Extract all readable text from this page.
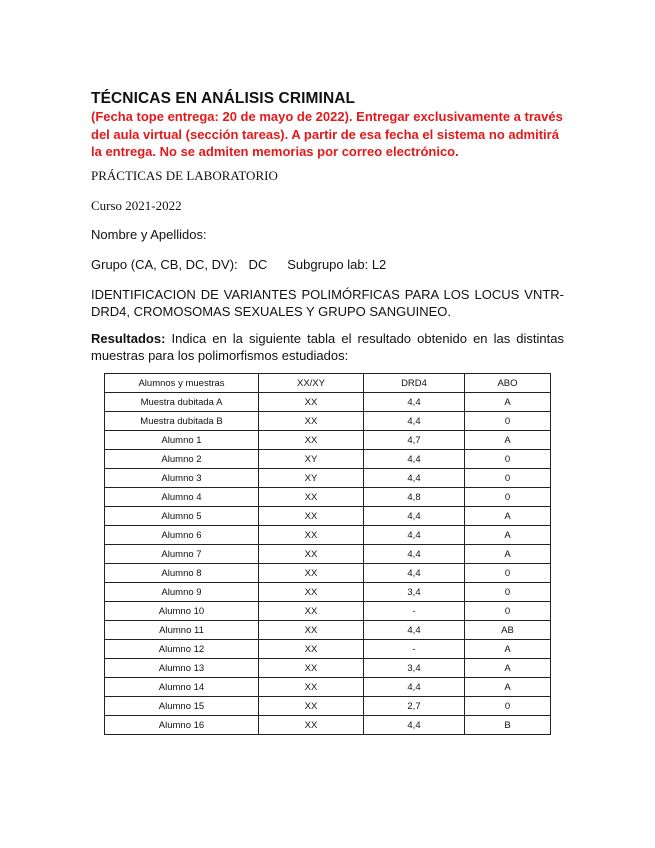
TÉCNICAS EN ANÁLISIS CRIMINAL

(Fecha tope entrega: 20 de mayo de 2022). Entregar exclusivamente a través del aula virtual (sección tareas). A partir de esa fecha el sistema no admitirá la entrega. No se admiten memorias por correo electrónico.

PRÁCTICAS DE LABORATORIO

Curso 2021-2022

Nombre y Apellidos:

Grupo (CA, CB, DC, DV):   DC Subgrupo lab: L2

IDENTIFICACION DE VARIANTES POLIMÓRFICAS PARA LOS LOCUS VNTR-DRD4, CROMOSOMAS SEXUALES Y GRUPO SANGUINEO.

Resultados: Indica en la siguiente tabla el resultado obtenido en las distintas muestras para los polimorfismos estudiados:

Alumnos y muestras	XX/XY	DRD4	ABO
Muestra dubitada A	XX	4,4	A
Muestra dubitada B	XX	4,4	0
Alumno 1	XX	4,7	A
Alumno 2	XY	4,4	0
Alumno 3	XY	4,4	0
Alumno 4	XX	4,8	0
Alumno 5	XX	4,4	A
Alumno 6	XX	4,4	A
Alumno 7	XX	4,4	A
Alumno 8	XX	4,4	0
Alumno 9	XX	3,4	0
Alumno 10	XX	-	0
Alumno 11	XX	4,4	AB
Alumno 12	XX	-	A
Alumno 13	XX	3,4	A
Alumno 14	XX	4,4	A
Alumno 15	XX	2,7	0
Alumno 16	XX	4,4	B
